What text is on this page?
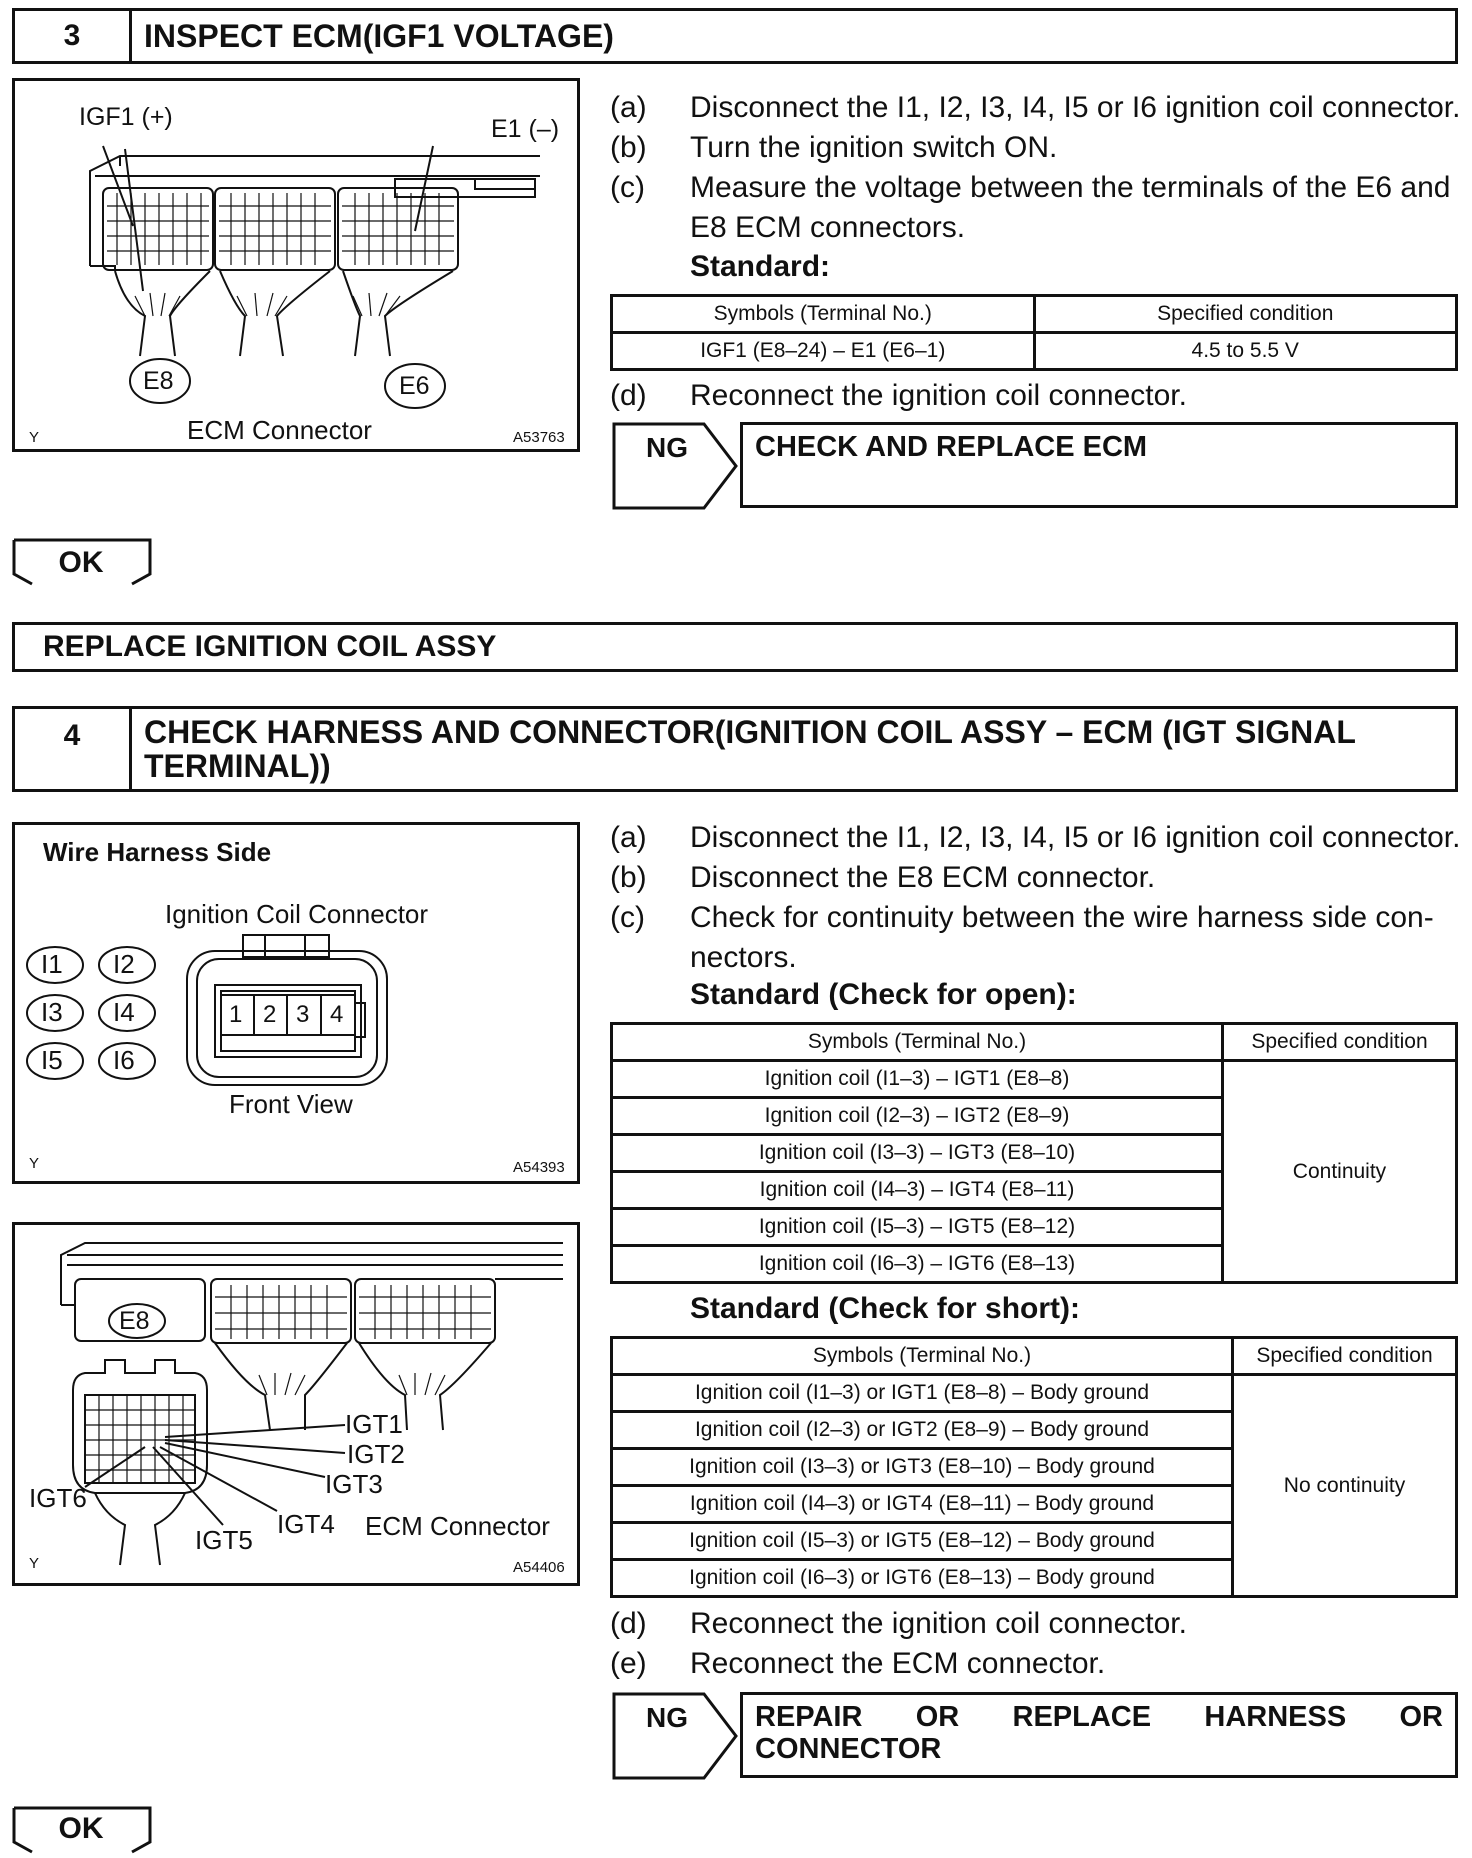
3	INSPECT ECM(IGF1 VOLTAGE)
IGF1 (+)	E1 (–)
E8	E6
ECM Connector
Y	A53763
(a) Disconnect the I1, I2, I3, I4, I5 or I6 ignition coil connector.
(b) Turn the ignition switch ON.
(c) Measure the voltage between the terminals of the E6 and
E8 ECM connectors.
Standard:
Symbols (Terminal No.)	Specified condition
IGF1 (E8–24) – E1 (E6–1)	4.5 to 5.5 V
(d) Reconnect the ignition coil connector.
NG	CHECK AND REPLACE ECM
OK
REPLACE IGNITION COIL ASSY
4	CHECK HARNESS AND CONNECTOR(IGNITION COIL ASSY – ECM (IGT SIGNAL
TERMINAL))
Wire Harness Side
Ignition Coil Connector
I1 I2
I3 I4
I5 I6
1 2 3 4
Front View
Y	A54393
E8
IGT1
IGT2
IGT3
IGT4
IGT5
IGT6
ECM Connector
Y	A54406
(a) Disconnect the I1, I2, I3, I4, I5 or I6 ignition coil connector.
(b) Disconnect the E8 ECM connector.
(c) Check for continuity between the wire harness side con-
nectors.
Standard (Check for open):
Symbols (Terminal No.)	Specified condition
Ignition coil (I1–3) – IGT1 (E8–8)	Continuity
Ignition coil (I2–3) – IGT2 (E8–9)	
Ignition coil (I3–3) – IGT3 (E8–10)	
Ignition coil (I4–3) – IGT4 (E8–11)	
Ignition coil (I5–3) – IGT5 (E8–12)	
Ignition coil (I6–3) – IGT6 (E8–13)	
Standard (Check for short):
Symbols (Terminal No.)	Specified condition
Ignition coil (I1–3) or IGT1 (E8–8) – Body ground	No continuity
Ignition coil (I2–3) or IGT2 (E8–9) – Body ground	
Ignition coil (I3–3) or IGT3 (E8–10) – Body ground	
Ignition coil (I4–3) or IGT4 (E8–11) – Body ground	
Ignition coil (I5–3) or IGT5 (E8–12) – Body ground	
Ignition coil (I6–3) or IGT6 (E8–13) – Body ground	
(d) Reconnect the ignition coil connector.
(e) Reconnect the ECM connector.
NG REPAIR OR REPLACE HARNESS OR
CONNECTOR
OK
